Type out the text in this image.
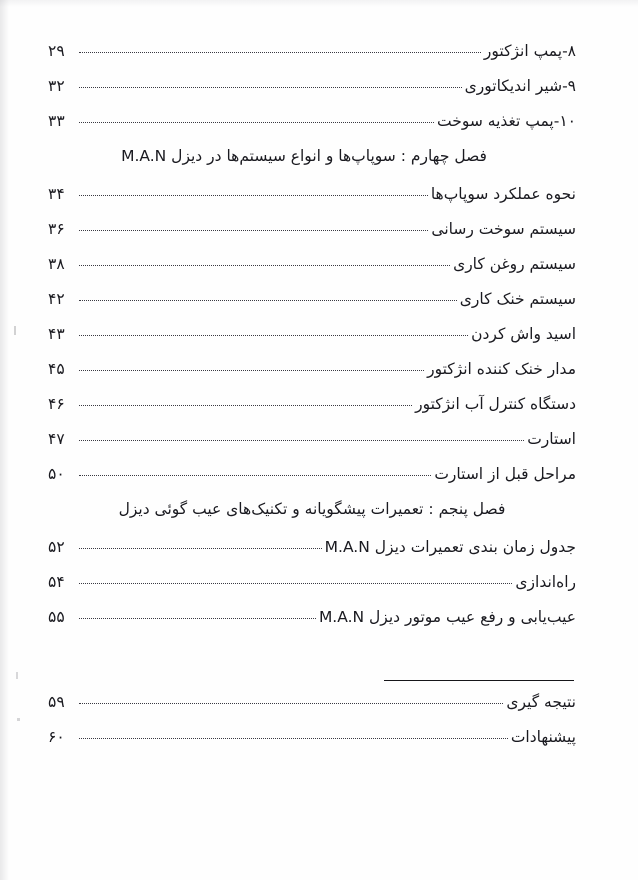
۸-پمپ انژکتور
۲۹
۹-شیر اندیکاتوری
۳۲
۱۰-پمپ تغذیه سوخت
۳۳
فصل چهارم : سوپاپ‌ها و انواع سیستم‌ها در دیزل M.A.N
نحوه عملکرد سوپاپ‌ها
۳۴
سیستم سوخت رسانی
۳۶
سیستم روغن کاری
۳۸
سیستم خنک کاری
۴۲
اسید واش کردن
۴۳
مدار خنک کننده انژکتور
۴۵
دستگاه کنترل آب انژکتور
۴۶
استارت
۴۷
مراحل قبل از استارت
۵۰
فصل پنجم : تعمیرات پیشگویانه و تکنیک‌های عیب گوئی دیزل
جدول زمان بندی تعمیرات دیزل M.A.N
۵۲
راه‌اندازی
۵۴
عیب‌یابی و رفع عیب موتور دیزل M.A.N
۵۵
نتیجه گیری
۵۹
پیشنهادات
۶۰
